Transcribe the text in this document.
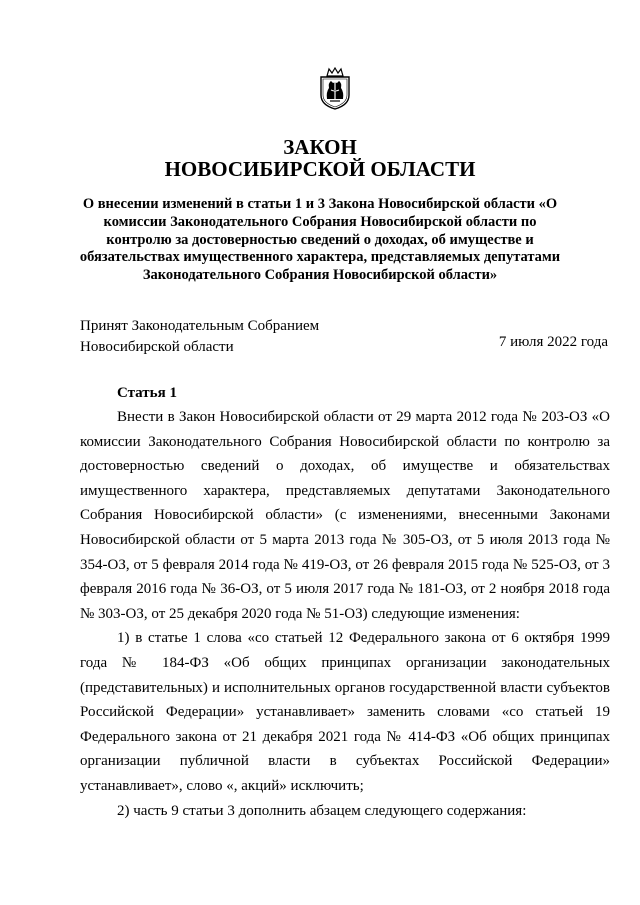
ЗАКОН
НОВОСИБИРСКОЙ ОБЛАСТИ
О внесении изменений в статьи 1 и 3 Закона Новосибирской области «О комиссии Законодательного Собрания Новосибирской области по контролю за достоверностью сведений о доходах, об имуществе и обязательствах имущественного характера, представляемых депутатами Законодательного Собрания Новосибирской области»
Принят Законодательным Собранием
Новосибирской области	7 июля 2022 года
Статья 1

Внести в Закон Новосибирской области от 29 марта 2012 года № 203-ОЗ «О комиссии Законодательного Собрания Новосибирской области по контролю за достоверностью сведений о доходах, об имуществе и обязательствах имущественного характера, представляемых депутатами Законодательного Собрания Новосибирской области» (с изменениями, внесенными Законами Новосибирской области от 5 марта 2013 года № 305-ОЗ, от 5 июля 2013 года № 354-ОЗ, от 5 февраля 2014 года № 419-ОЗ, от 26 февраля 2015 года № 525-ОЗ, от 3 февраля 2016 года № 36-ОЗ, от 5 июля 2017 года № 181-ОЗ, от 2 ноября 2018 года № 303-ОЗ, от 25 декабря 2020 года № 51-ОЗ) следующие изменения:

1) в статье 1 слова «со статьей 12 Федерального закона от 6 октября 1999 года № 184-ФЗ «Об общих принципах организации законодательных (представительных) и исполнительных органов государственной власти субъектов Российской Федерации» устанавливает» заменить словами «со статьей 19 Федерального закона от 21 декабря 2021 года № 414-ФЗ «Об общих принципах организации публичной власти в субъектах Российской Федерации» устанавливает», слово «, акций» исключить;

2) часть 9 статьи 3 дополнить абзацем следующего содержания:
